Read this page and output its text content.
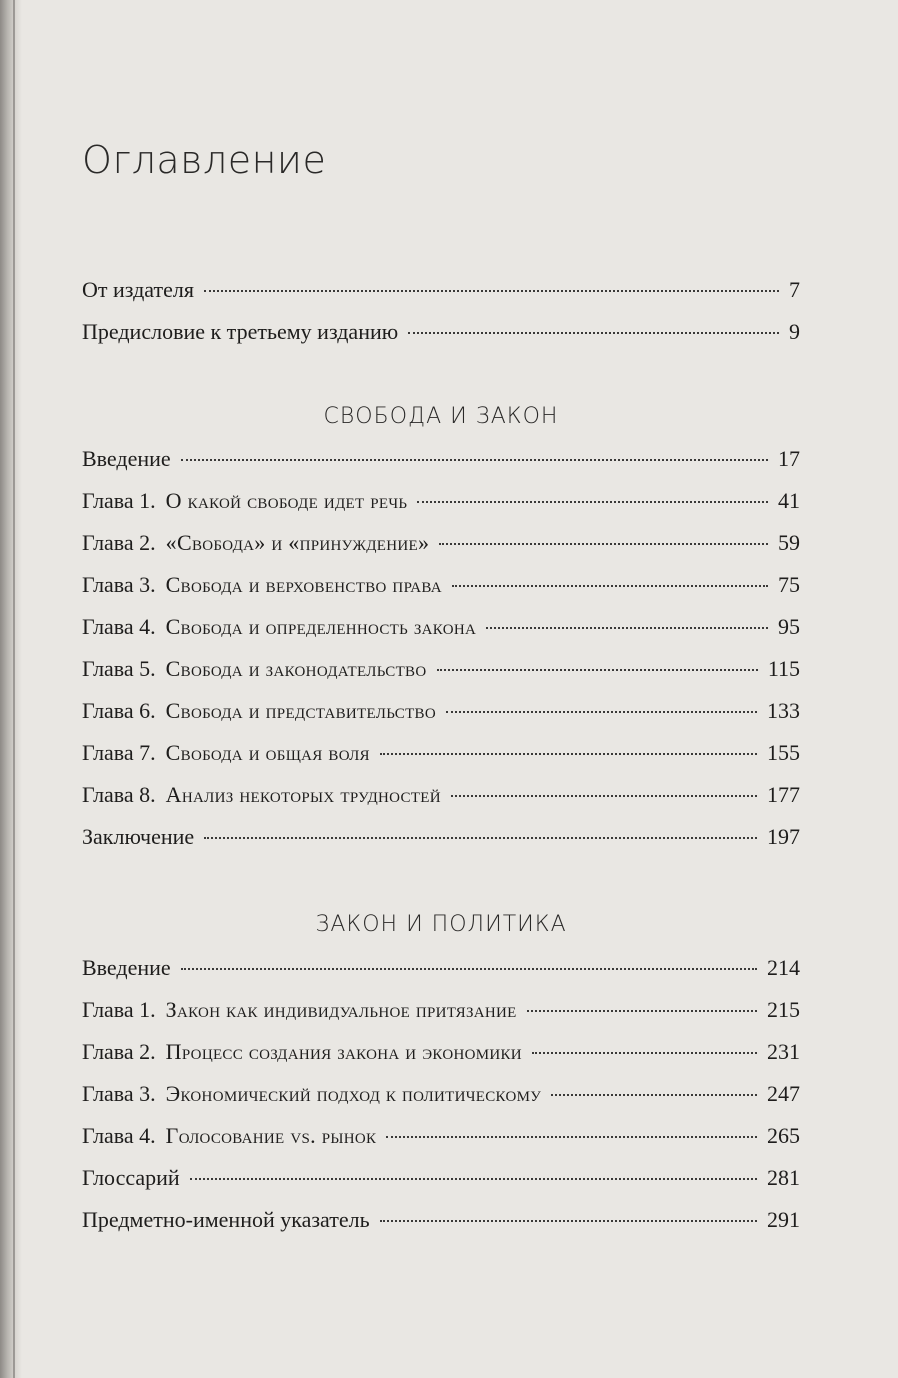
Оглавление
От издателя	7
Предисловие к третьему изданию	9
СВОБОДА И ЗАКОН
Введение	17
Глава 1. О какой свободе идет речь	41
Глава 2. «Свобода» и «принуждение»	59
Глава 3. Свобода и верховенство права	75
Глава 4. Свобода и определенность закона	95
Глава 5. Свобода и законодательство	115
Глава 6. Свобода и представительство	133
Глава 7. Свобода и общая воля	155
Глава 8. Анализ некоторых трудностей	177
Заключение	197
ЗАКОН И ПОЛИТИКА
Введение	214
Глава 1. Закон как индивидуальное притязание	215
Глава 2. Процесс создания закона и экономики	231
Глава 3. Экономический подход к политическому	247
Глава 4. Голосование vs. рынок	265
Глоссарий	281
Предметно-именной указатель	291
